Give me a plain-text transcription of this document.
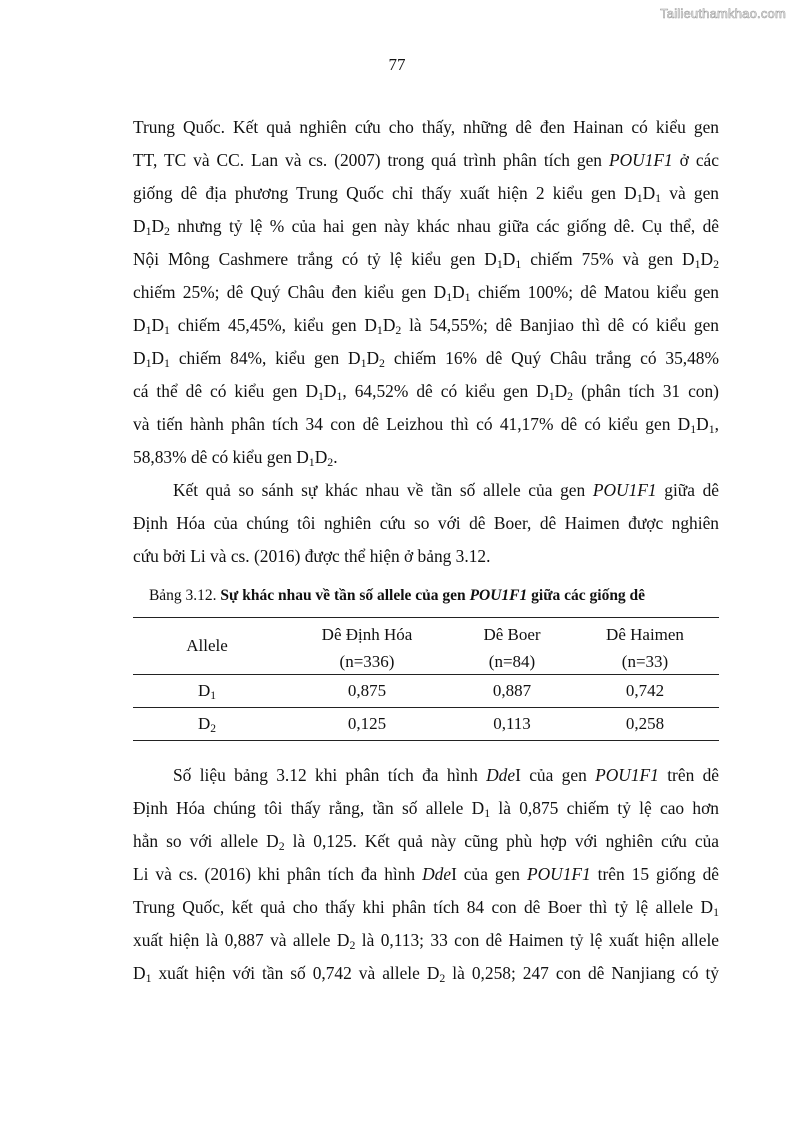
Tailieuthamkhao.com
77
Trung Quốc. Kết quả nghiên cứu cho thấy, những dê đen Hainan có kiểu gen
TT, TC và CC. Lan và cs. (2007) trong quá trình phân tích gen POU1F1 ở các
giống dê địa phương Trung Quốc chỉ thấy xuất hiện 2 kiểu gen $D_1D_1$ và gen
$D_1D_2$ nhưng tỷ lệ % của hai gen này khác nhau giữa các giống dê. Cụ thể, dê
Nội Mông Cashmere trắng có tỷ lệ kiểu gen $D_1D_1$ chiếm 75% và gen $D_1D_2$
chiếm 25%; dê Quý Châu đen kiểu gen $D_1D_1$ chiếm 100%; dê Matou kiểu gen
$D_1D_1$ chiếm 45,45%, kiểu gen $D_1D_2$ là 54,55%; dê Banjiao thì dê có kiểu gen
$D_1D_1$ chiếm 84%, kiểu gen $D_1D_2$ chiếm 16% dê Quý Châu trắng có 35,48%
cá thể dê có kiểu gen $D_1D_1$, 64,52% dê có kiểu gen $D_1D_2$ (phân tích 31 con)
và tiến hành phân tích 34 con dê Leizhou thì có 41,17% dê có kiểu gen $D_1D_1$,
58,83% dê có kiểu gen $D_1D_2$.
Kết quả so sánh sự khác nhau về tần số allele của gen POU1F1 giữa dê
Định Hóa của chúng tôi nghiên cứu so với dê Boer, dê Haimen được nghiên
cứu bởi Li và cs. (2016) được thể hiện ở bảng 3.12.
Bảng 3.12. Sự khác nhau về tần số allele của gen POU1F1 giữa các giống dê
Allele	Dê Định Hóa	Dê Boer	Dê Haimen
	(n=336)	(n=84)	(n=33)
$D_1$	0,875	0,887	0,742
$D_2$	0,125	0,113	0,258
Số liệu bảng 3.12 khi phân tích đa hình DdeI của gen POU1F1 trên dê
Định Hóa chúng tôi thấy rằng, tần số allele $D_1$ là 0,875 chiếm tỷ lệ cao hơn
hẳn so với allele $D_2$ là 0,125. Kết quả này cũng phù hợp với nghiên cứu của
Li và cs. (2016) khi phân tích đa hình DdeI của gen POU1F1 trên 15 giống dê
Trung Quốc, kết quả cho thấy khi phân tích 84 con dê Boer thì tỷ lệ allele $D_1$
xuất hiện là 0,887 và allele $D_2$ là 0,113; 33 con dê Haimen tỷ lệ xuất hiện allele
$D_1$ xuất hiện với tần số 0,742 và allele $D_2$ là 0,258; 247 con dê Nanjiang có tỷ
